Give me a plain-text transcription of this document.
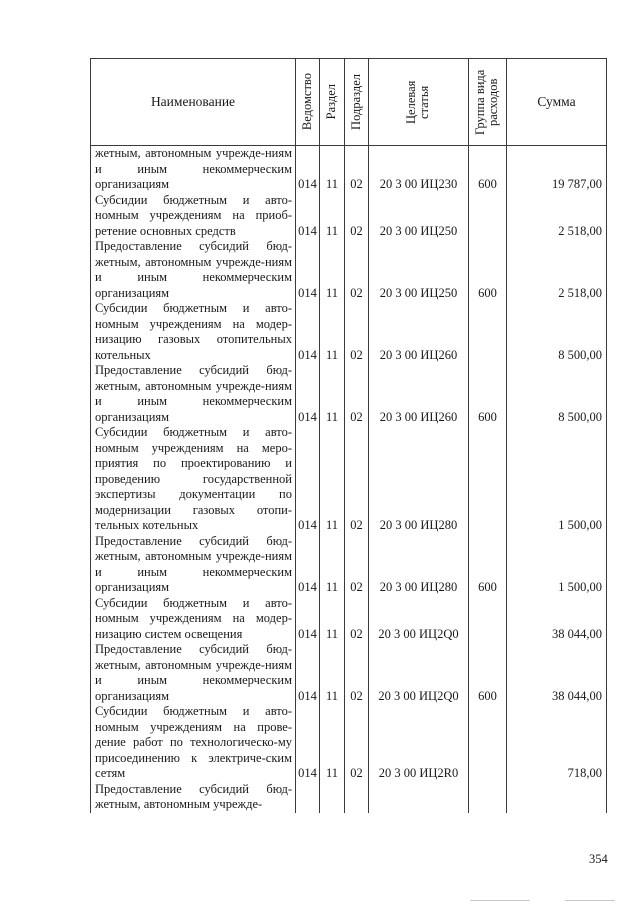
Наименование	Ведомство	Раздел	Подраздел	Целевая статья	Группа вида расходов	Сумма
жетным, автономным учрежде-ниям и иным некоммерческим организациям	014	11	02	20 3 00 ИЦ230	600	19 787,00
Субсидии бюджетным и авто-номным учреждениям на приоб-ретение основных средств	014	11	02	20 3 00 ИЦ250		2 518,00
Предоставление субсидий бюд-жетным, автономным учрежде-ниям и иным некоммерческим организациям	014	11	02	20 3 00 ИЦ250	600	2 518,00
Субсидии бюджетным и авто-номным учреждениям на модер-низацию газовых отопительных котельных	014	11	02	20 3 00 ИЦ260		8 500,00
Предоставление субсидий бюд-жетным, автономным учрежде-ниям и иным некоммерческим организациям	014	11	02	20 3 00 ИЦ260	600	8 500,00
Субсидии бюджетным и авто-номным учреждениям на меро-приятия по проектированию и проведению государственной экспертизы документации по модернизации газовых отопи-тельных котельных	014	11	02	20 3 00 ИЦ280		1 500,00
Предоставление субсидий бюд-жетным, автономным учрежде-ниям и иным некоммерческим организациям	014	11	02	20 3 00 ИЦ280	600	1 500,00
Субсидии бюджетным и авто-номным учреждениям на модер-низацию систем освещения	014	11	02	20 3 00 ИЦ2Q0		38 044,00
Предоставление субсидий бюд-жетным, автономным учрежде-ниям и иным некоммерческим организациям	014	11	02	20 3 00 ИЦ2Q0	600	38 044,00
Субсидии бюджетным и авто-номным учреждениям на прове-дение работ по технологическо-му присоединению к электриче-ским сетям	014	11	02	20 3 00 ИЦ2R0		718,00
Предоставление субсидий бюд-жетным, автономным учрежде-						
354
